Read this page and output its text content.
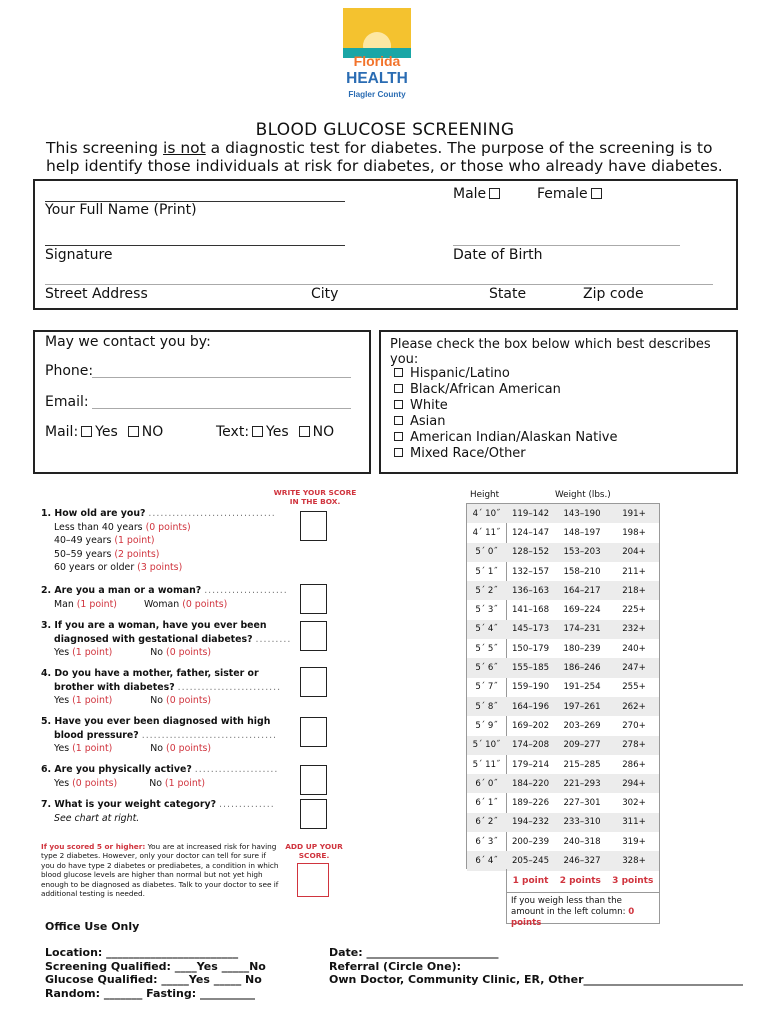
Florida
HEALTH
Flagler County
BLOOD GLUCOSE SCREENING
This screening is not a diagnostic test for diabetes. The purpose of the screening is to help identify those individuals at risk for diabetes, or those who already have diabetes.
Your Full Name (Print)
Male	Female
Signature	Date of Birth
Street Address	City	State	Zip code
May we contact you by:
Phone:
Email:
Mail: Yes NO	Text: Yes NO
Please check the box below which best describes you:
Hispanic/Latino
Black/African American
White
Asian
American Indian/Alaskan Native
Mixed Race/Other
WRITE YOUR SCORE IN THE BOX.
1. How old are you? ................................
Less than 40 years (0 points)
40–49 years (1 point)
50–59 years (2 points)
60 years or older (3 points)
2. Are you a man or a woman? .....................
Man (1 point)	Woman (0 points)
3. If you are a woman, have you ever been
diagnosed with gestational diabetes? .........
Yes (1 point)	No (0 points)
4. Do you have a mother, father, sister or
brother with diabetes? ..........................
Yes (1 point)	No (0 points)
5. Have you ever been diagnosed with high
blood pressure? ..................................
Yes (1 point)	No (0 points)
6. Are you physically active? .....................
Yes (0 points)	No (1 point)
7. What is your weight category? ..............
See chart at right.
If you scored 5 or higher: You are at increased risk for having type 2 diabetes. However, only your doctor can tell for sure if you do have type 2 diabetes or prediabetes, a condition in which blood glucose levels are higher than normal but not yet high enough to be diagnosed as diabetes. Talk to your doctor to see if additional testing is needed.
ADD UP YOUR SCORE.
Height	Weight (lbs.)
4´ 10˝	119–142	143–190	191+
4´ 11˝	124–147	148–197	198+
5´ 0˝	128–152	153–203	204+
5´ 1˝	132–157	158–210	211+
5´ 2˝	136–163	164–217	218+
5´ 3˝	141–168	169–224	225+
5´ 4˝	145–173	174–231	232+
5´ 5˝	150–179	180–239	240+
5´ 6˝	155–185	186–246	247+
5´ 7˝	159–190	191–254	255+
5´ 8˝	164–196	197–261	262+
5´ 9˝	169–202	203–269	270+
5´ 10˝	174–208	209–277	278+
5´ 11˝	179–214	215–285	286+
6´ 0˝	184–220	221–293	294+
6´ 1˝	189–226	227–301	302+
6´ 2˝	194–232	233–310	311+
6´ 3˝	200–239	240–318	319+
6´ 4˝	205–245	246–327	328+
1 point 2 points 3 points
If you weigh less than the amount in the left column: 0 points
Office Use Only
Location: ________________________
Screening Qualified: ____Yes _____No
Glucose Qualified: _____Yes _____ No
Random: _______ Fasting: __________
Date: ________________________
Referral (Circle One):
Own Doctor, Community Clinic, ER, Other_____________________________
